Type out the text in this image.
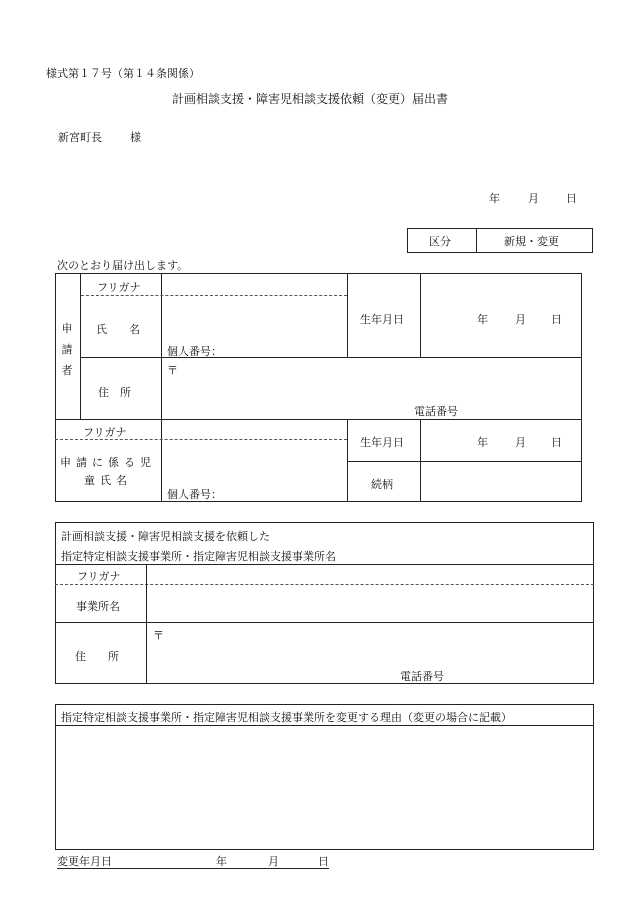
様式第１７号（第１４条関係）
計画相談支援・障害児相談支援依頼（変更）届出書
新宮町長	様
年	月 日
区分	新規・変更
次のとおり届け出します。
申請者
フリガナ
氏　　名
個人番号：
生年月日	年 月 日
住　所
〒
電話番号
フリガナ
申請に係る児童氏名
個人番号：
生年月日	年 月 日
続柄
計画相談支援・障害児相談支援を依頼した
指定特定相談支援事業所・指定障害児相談支援事業所名
フリガナ
事業所名
住　　所
〒
電話番号
指定特定相談支援事業所・指定障害児相談支援事業所を変更する理由（変更の場合に記載）
変更年月日	年	月	日
